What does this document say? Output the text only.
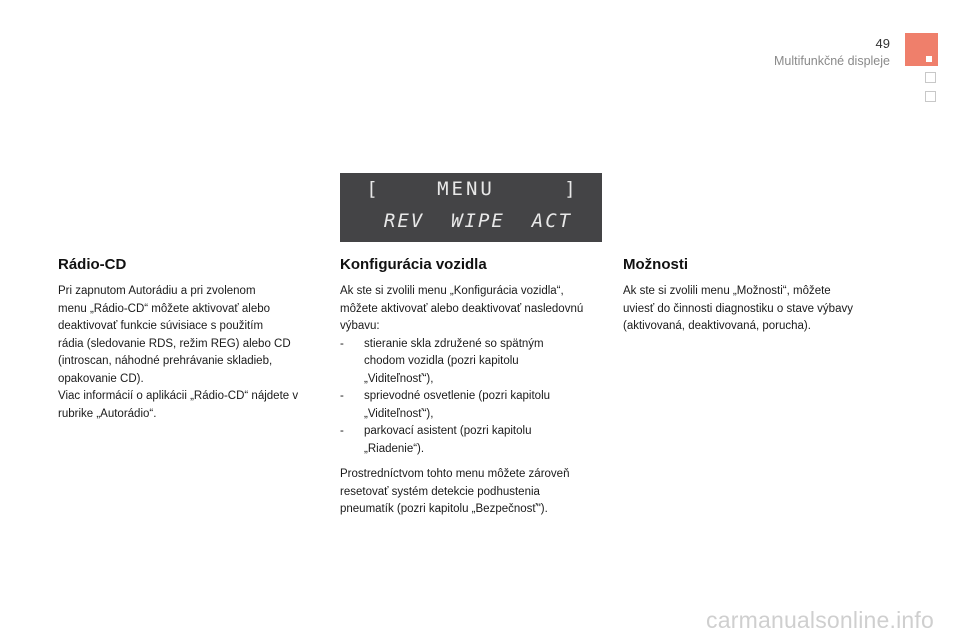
49
Multifunkčné displeje
[	MENU	]
REV  WIPE  ACT
Rádio-CD

Pri zapnutom Autorádiu a pri zvolenom
menu „Rádio-CD“ môžete aktivovať alebo
deaktivovať funkcie súvisiace s použitím
rádia (sledovanie RDS, režim REG) alebo CD
(introscan, náhodné prehrávanie skladieb,
opakovanie CD).
Viac informácií o aplikácii „Rádio-CD“ nájdete v
rubrike „Autorádio“.

Konfigurácia vozidla

Ak ste si zvolili menu „Konfigurácia vozidla“,
môžete aktivovať alebo deaktivovať nasledovnú
výbavu:

-	stieranie skla združené so spätným
chodom vozidla (pozri kapitolu
„Viditeľnosť“),
-	sprievodné osvetlenie (pozri kapitolu
„Viditeľnosť“),
-	parkovací asistent (pozri kapitolu
„Riadenie“).

Prostredníctvom tohto menu môžete zároveň
resetovať systém detekcie podhustenia
pneumatík (pozri kapitolu „Bezpečnosť").

Možnosti

Ak ste si zvolili menu „Možnosti“, môžete
uviesť do činnosti diagnostiku o stave výbavy
(aktivovaná, deaktivovaná, porucha).

carmanualsonline.info
